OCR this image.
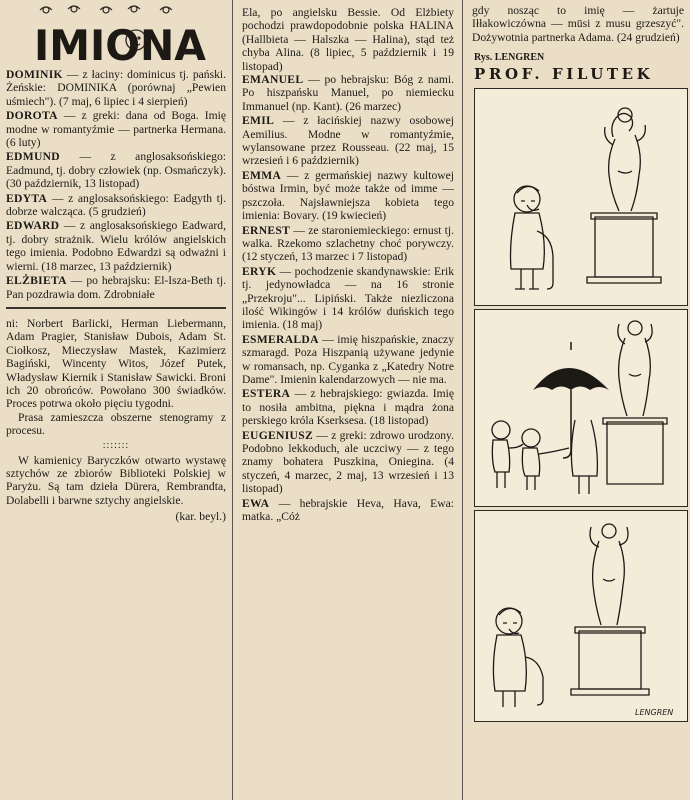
IMIONA

DOMINIK — z łaciny: dominicus tj. pański. Żeńskie: DOMINIKA (porównaj „Pewien uśmiech"). (7 maj, 6 lipiec i 4 sierpień)

DOROTA — z greki: dana od Boga. Imię modne w romantyźmie — partnerka Hermana. (6 luty)

EDMUND — z anglosaksońskiego: Eadmund, tj. dobry człowiek (np. Osmańczyk). (30 październik, 13 listopad)

EDYTA — z anglosaksońskiego: Eadgyth tj. dobrze walcząca. (5 grudzień)

EDWARD — z anglosaksońskiego Eadward, tj. dobry strażnik. Wielu królów angielskich tego imienia. Podobno Edwardzi są odważni i wierni. (18 marzec, 13 październik)

ELŻBIETA — po hebrajsku: El-Isza-Beth tj. Pan pozdrawia dom. Zdrobniałe

ni: Norbert Barlicki, Herman Liebermann, Adam Pragier, Stanisław Dubois, Adam St. Ciołkosz, Mieczysław Mastek, Kazimierz Bagiński, Wincenty Witos, Józef Putek, Władysław Kiernik i Stanisław Sawicki. Broni ich 20 obrońców. Powołano 300 świadków. Proces potrwa około pięciu tygodni.

Prasa zamieszcza obszerne stenogramy z procesu.

:::::::

W kamienicy Baryczków otwarto wystawę sztychów ze zbiorów Biblioteki Polskiej w Paryżu. Są tam dzieła Dürera, Rembrandta, Dolabelli i barwne sztychy angielskie.

(kar. beyl.)

Ela, po angielsku Bessie. Od Elżbiety pochodzi prawdopodobnie polska HALINA (Hallbieta — Halszka — Halina), stąd też chyba Alina. (8 lipiec, 5 październik i 19 listopad)

EMANUEL — po hebrajsku: Bóg z nami. Po hiszpańsku Manuel, po niemiecku Immanuel (np. Kant). (26 marzec)

EMIL — z łacińskiej nazwy osobowej Aemilius. Modne w romantyźmie, wylansowane przez Rousseau. (22 maj, 15 wrzesień i 6 październik)

EMMA — z germańskiej nazwy kultowej bóstwa Irmin, być może także od imme — pszczoła. Najsławniejsza kobieta tego imienia: Bovary. (19 kwiecień)

ERNEST — ze staroniemieckiego: ernust tj. walka. Rzekomo szlachetny choć porywczy. (12 styczeń, 13 marzec i 7 listopad)

ERYK — pochodzenie skandynawskie: Erik tj. jedynowładca — na 16 stronie „Przekroju"... Lipiński. Także niezliczona ilość Wikingów i 14 królów duńskich tego imienia. (18 maj)

ESMERALDA — imię hiszpańskie, znaczy szmaragd. Poza Hiszpanią używane jedynie w romansach, np. Cyganka z „Katedry Notre Dame". Imienin kalendarzowych — nie ma.

ESTERA — z hebrajskiego: gwiazda. Imię to nosiła ambitna, piękna i mądra żona perskiego króla Kserksesa. (18 listopad)

EUGENIUSZ — z greki: zdrowo urodzony. Podobno lekkoduch, ale uczciwy — z tego znamy bohatera Puszkina, Oniegina. (4 styczeń, 4 marzec, 2 maj, 13 wrzesień i 13 listopad)

EWA — hebrajskie Heva, Hava, Ewa: matka. „Cóż

gdy nosząc to imię — żartuje Iłłakowiczówna — mūsi z musu grzeszyć". Dożywotnia partnerka Adama. (24 grudzień)

Rys. LENGREN
PROF. FILUTEK
LENGREN
